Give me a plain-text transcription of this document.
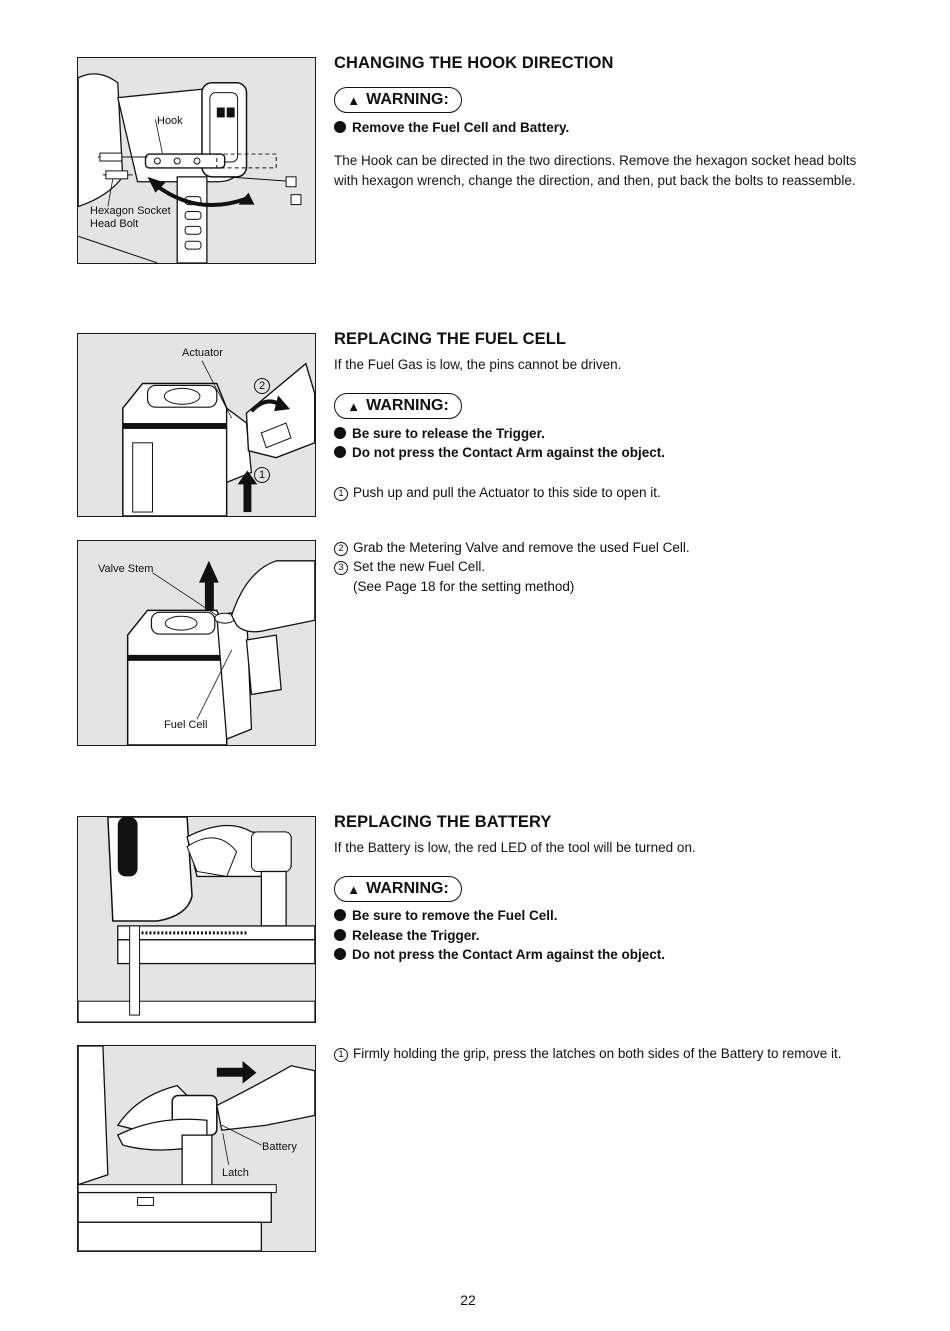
Hook
Hexagon Socket Head Bolt
CHANGING THE HOOK DIRECTION
▲ WARNING:
Remove the Fuel Cell and Battery.
The Hook can be directed in the two directions. Remove the hexagon socket head bolts with hexagon wrench, change the direction, and then, put back the bolts to reassemble.
Actuator
2
1
REPLACING THE FUEL CELL
If the Fuel Gas is low, the pins cannot be driven.
▲ WARNING:
Be sure to release the Trigger.
Do not press the Contact Arm against the object.
1 Push up and pull the Actuator to this side to open it.
Valve Stem
Fuel Cell
2 Grab the Metering Valve and remove the used Fuel Cell.
3 Set the new Fuel Cell.
(See Page 18 for the setting method)
REPLACING THE BATTERY
If the Battery is low, the red LED of the tool will be turned on.
▲ WARNING:
Be sure to remove the Fuel Cell.
Release the Trigger.
Do not press the Contact Arm against the object.
Battery
Latch
1 Firmly holding the grip, press the latches on both sides of the Battery to remove it.
22
